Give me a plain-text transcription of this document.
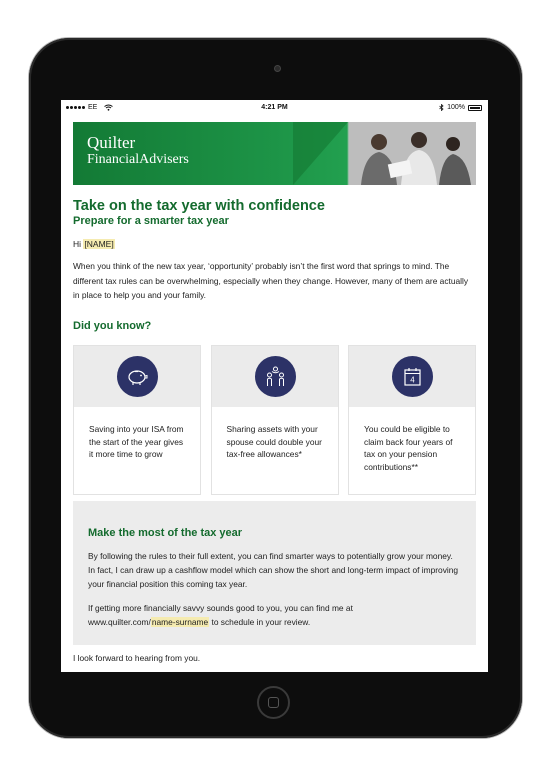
EE	4:21 PM	100%
Quilter
FinancialAdvisers
Take on the tax year with confidence
Prepare for a smarter tax year
Hi [NAME]
When you think of the new tax year, ‘opportunity’ probably isn’t the first word that springs to mind. The different tax rules can be overwhelming, especially when they change. However, many of them are actually in place to help you and your family.
Did you know?
Saving into your ISA from the start of the year gives it more time to grow
Sharing assets with your spouse could double your tax-free allowances*
4
You could be eligible to claim back four years of tax on your pension contributions**
Make the most of the tax year
By following the rules to their full extent, you can find smarter ways to potentially grow your money. In fact, I can draw up a cashflow model which can show the short and long-term impact of improving your financial position this coming tax year.
If getting more financially savvy sounds good to you, you can find me at
www.quilter.com/name-surname to schedule in your review.
I look forward to hearing from you.
